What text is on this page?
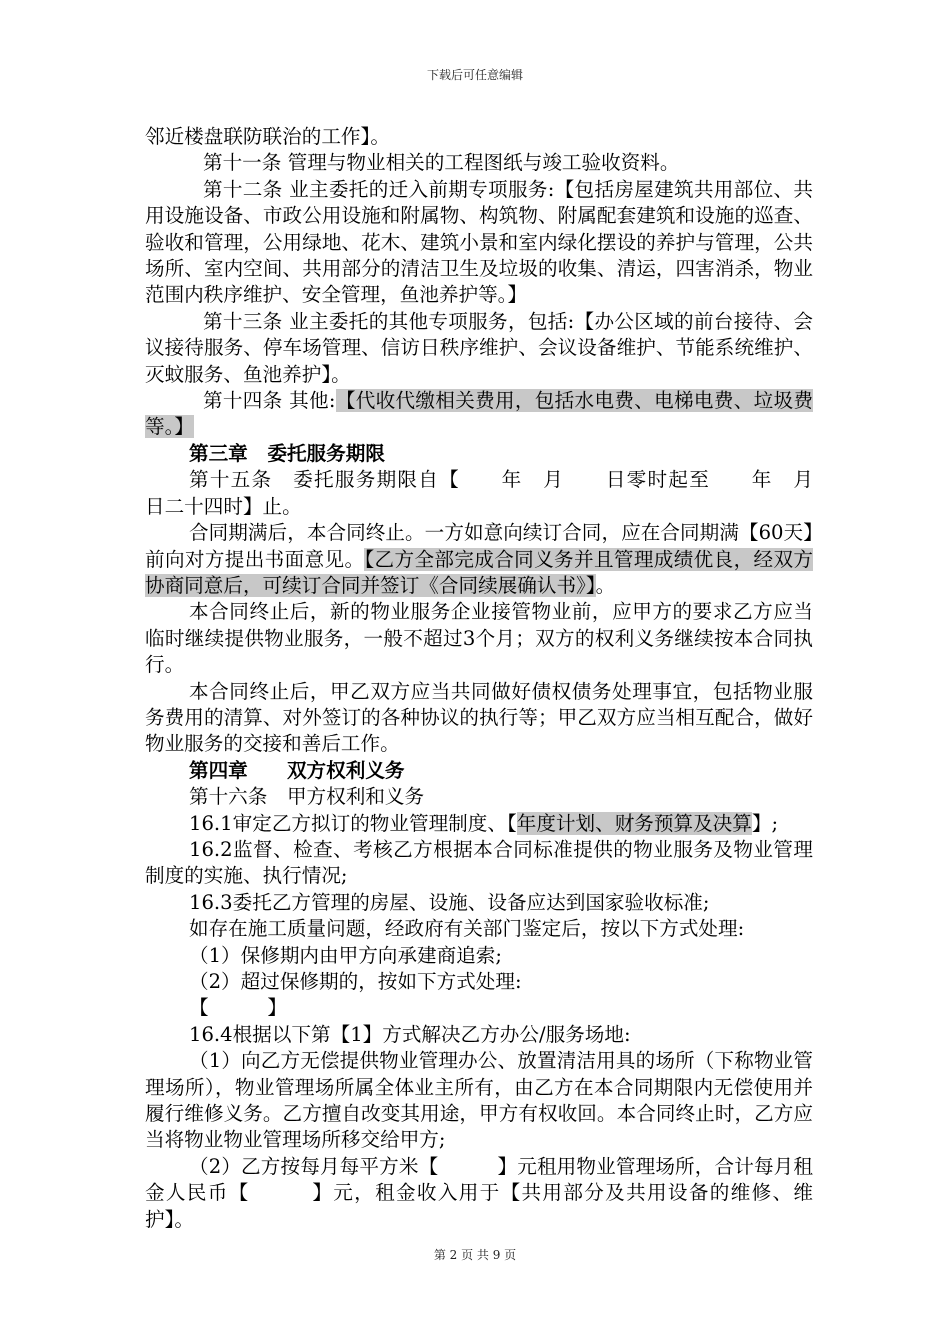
下载后可任意编辑

邻近楼盘联防联治的工作】。

第十一条 管理与物业相关的工程图纸与竣工验收资料。

第十二条 业主委托的迁入前期专项服务:【包括房屋建筑共用部位、共用设施设备、市政公用设施和附属物、构筑物、附属配套建筑和设施的巡查、验收和管理，公用绿地、花木、建筑小景和室内绿化摆设的养护与管理，公共场所、室内空间、共用部分的清洁卫生及垃圾的收集、清运，四害消杀，物业范围内秩序维护、安全管理，鱼池养护等。】

第十三条 业主委托的其他专项服务，包括:【办公区域的前台接待、会议接待服务、停车场管理、信访日秩序维护、会议设备维护、节能系统维护、灭蚊服务、鱼池养护】。

第十四条 其他:【代收代缴相关费用，包括水电费、电梯电费、垃圾费等。】

第三章　委托服务期限

第十五条　委托服务期限自【　　年　月　　日零时起至　　年　月　日二十四时】止。

合同期满后，本合同终止。一方如意向续订合同，应在合同期满【60天】前向对方提出书面意见。【乙方全部完成合同义务并且管理成绩优良，经双方协商同意后，可续订合同并签订《合同续展确认书》】。

本合同终止后，新的物业服务企业接管物业前，应甲方的要求乙方应当临时继续提供物业服务，一般不超过3个月；双方的权利义务继续按本合同执行。

本合同终止后，甲乙双方应当共同做好债权债务处理事宜，包括物业服务费用的清算、对外签订的各种协议的执行等；甲乙双方应当相互配合，做好物业服务的交接和善后工作。

第四章　　双方权利义务

第十六条　甲方权利和义务

16.1审定乙方拟订的物业管理制度、【年度计划、财务预算及决算】;

16.2监督、检查、考核乙方根据本合同标准提供的物业服务及物业管理制度的实施、执行情况;

16.3委托乙方管理的房屋、设施、设备应达到国家验收标准;

如存在施工质量问题，经政府有关部门鉴定后，按以下方式处理:

（1）保修期内由甲方向承建商追索;

（2）超过保修期的，按如下方式处理:

【　　　】

16.4根据以下第【1】方式解决乙方办公/服务场地:

（1）向乙方无偿提供物业管理办公、放置清洁用具的场所（下称物业管理场所），物业管理场所属全体业主所有，由乙方在本合同期限内无偿使用并履行维修义务。乙方擅自改变其用途，甲方有权收回。本合同终止时，乙方应当将物业物业管理场所移交给甲方;

（2）乙方按每月每平方米【　　　】元租用物业管理场所，合计每月租金人民币【　　　】元，租金收入用于【共用部分及共用设备的维修、维护】。

第 2 页 共 9 页
